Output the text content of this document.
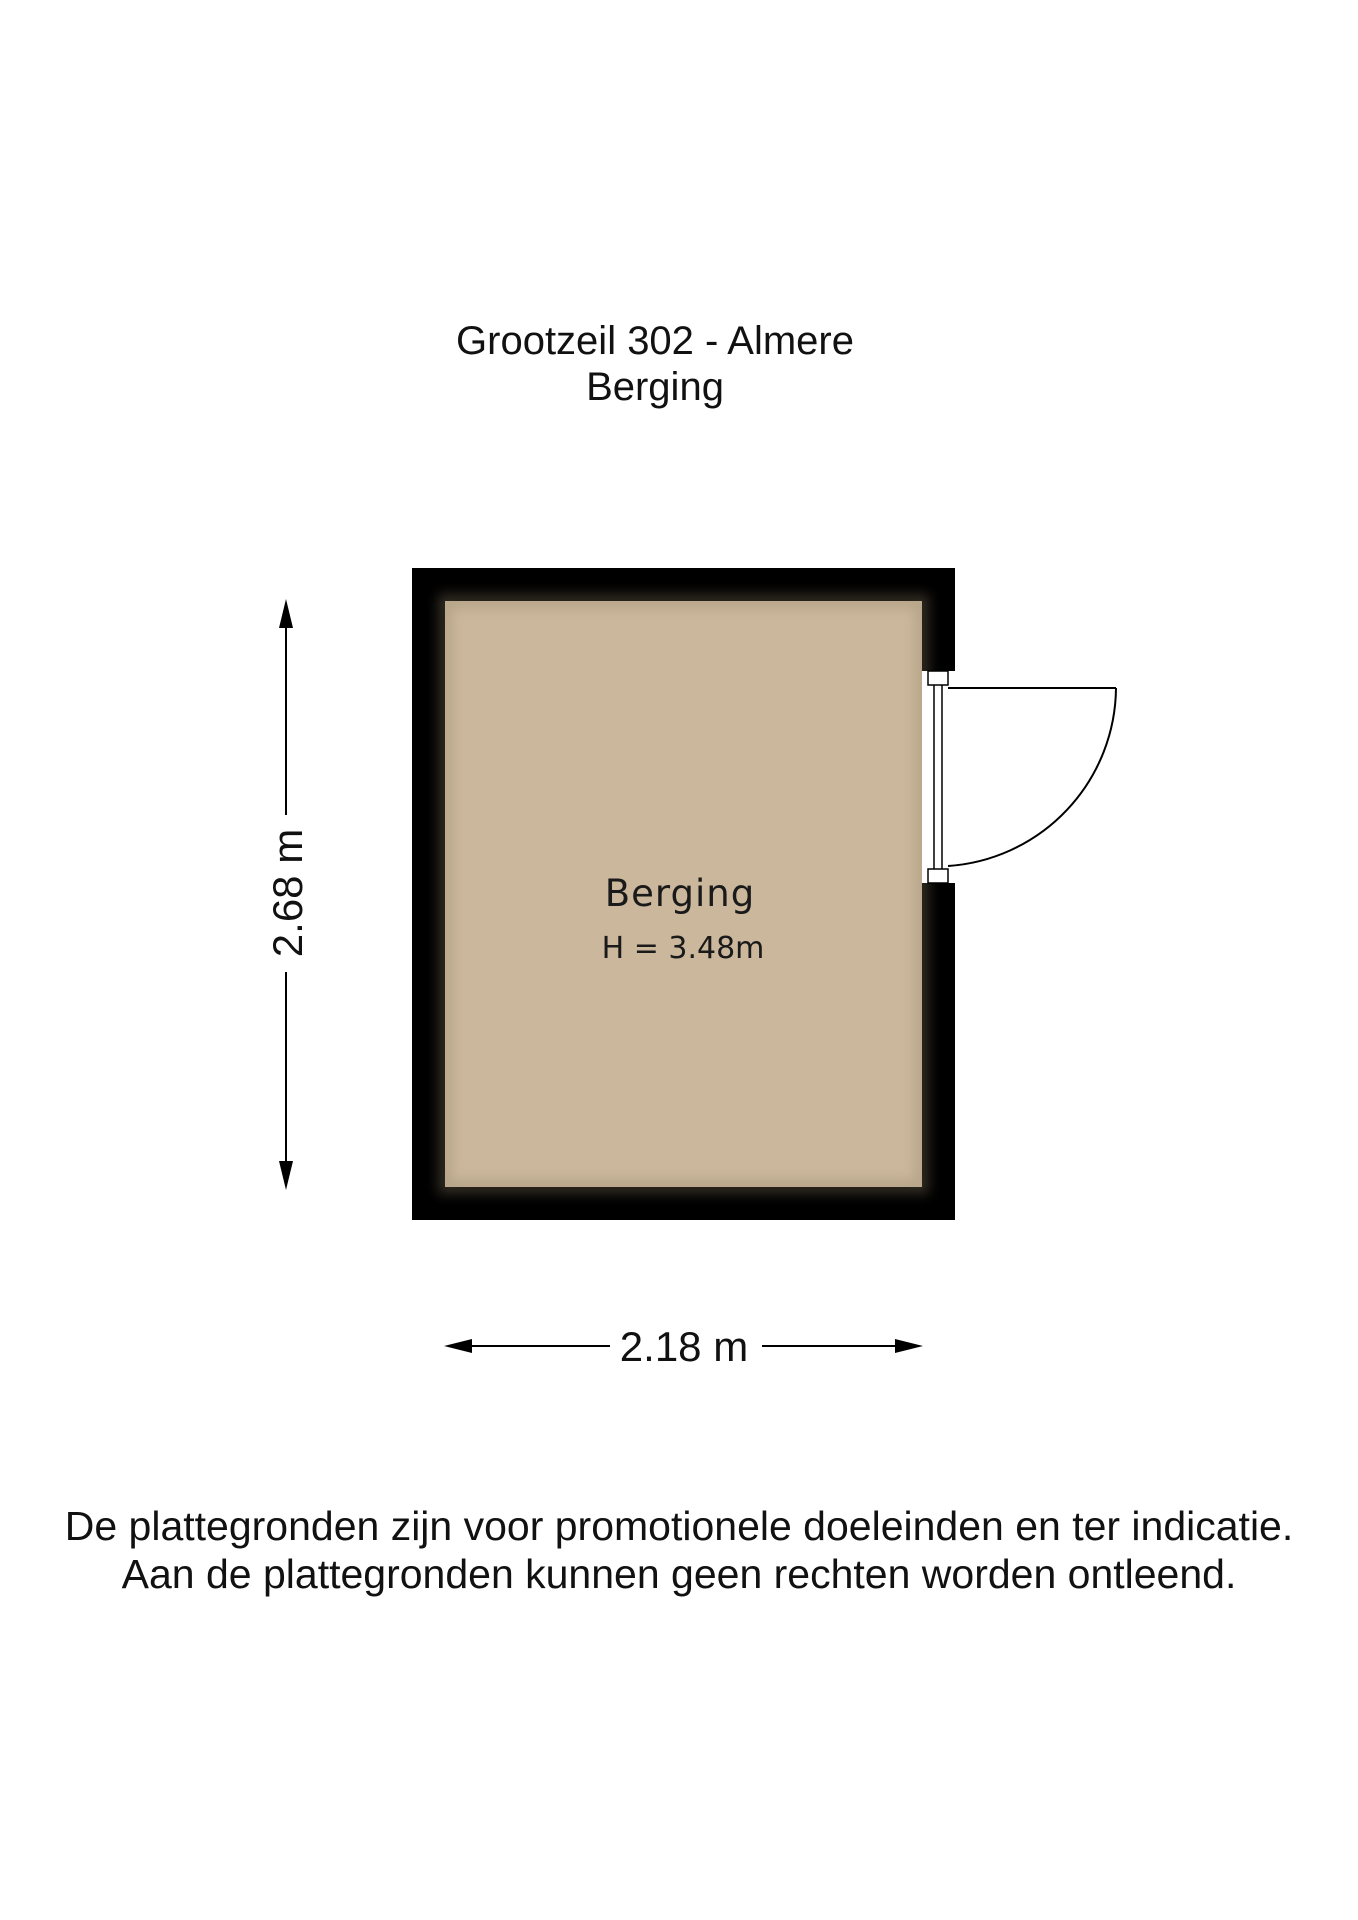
Grootzeil 302 - Almere
Berging
Berging
H = 3.48m
2.68 m
2.18 m
De plattegronden zijn voor promotionele doeleinden en ter indicatie.
Aan de plattegronden kunnen geen rechten worden ontleend.
